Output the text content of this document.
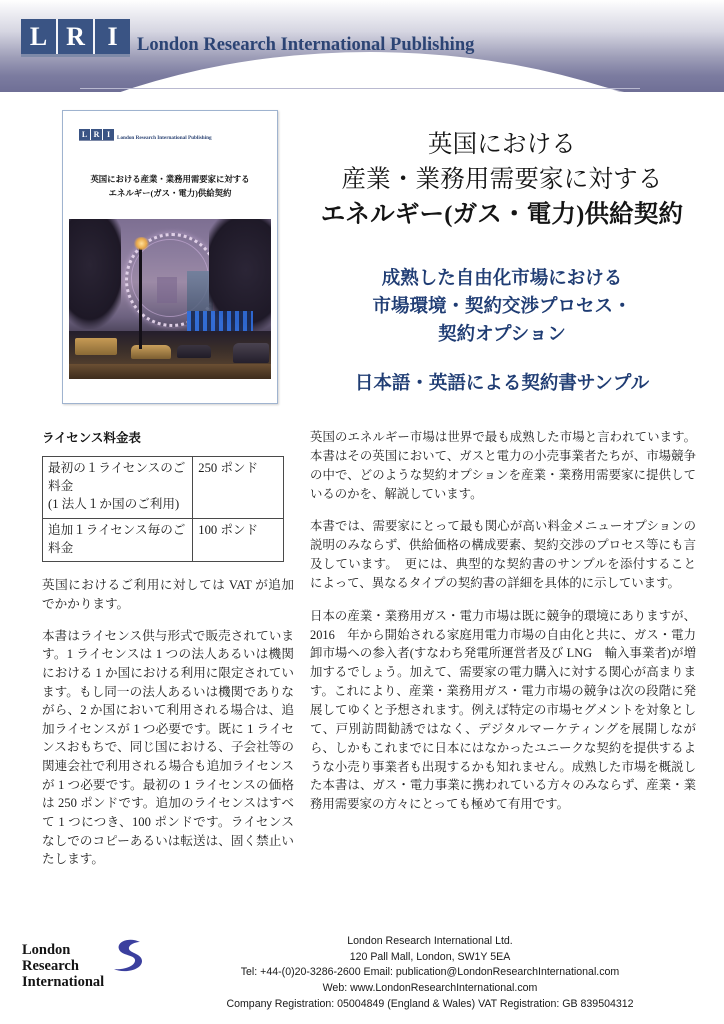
L R I	London Research International Publishing
L R I	London Research International Publishing
英国における産業・業務用需要家に対する
エネルギー(ガス・電力)供給契約
英国における
産業・業務用需要家に対する
エネルギー(ガス・電力)供給契約
成熟した自由化市場における
市場環境・契約交渉プロセス・
契約オプション
日本語・英語による契約書サンプル
ライセンス料金表
最初の１ライセンスのご料金
(1 法人１か国のご利用)	250 ポンド
追加１ライセンス毎のご料金	100 ポンド

英国におけるご利用に対しては VAT が追加でかかります。

本書はライセンス供与形式で販売されています。1 ライセンスは 1 つの法人あるいは機関における 1 か国における利用に限定されています。もし同一の法人あるいは機関でありながら、2 か国において利用される場合は、追加ライセンスが 1 つ必要です。既に 1 ライセンスおもちで、同じ国における、子会社等の関連会社で利用される場合も追加ライセンスが 1 つ必要です。最初の 1 ライセンスの価格は 250 ポンドです。追加のライセンスはすべて 1 つにつき、100 ポンドです。ライセンスなしでのコピーあるいは転送は、固く禁止いたします。

英国のエネルギー市場は世界で最も成熟した市場と言われています。本書はその英国において、ガスと電力の小売事業者たちが、市場競争の中で、どのような契約オプションを産業・業務用需要家に提供しているのかを、解説しています。

本書では、需要家にとって最も関心が高い料金メニューオプションの説明のみならず、供給価格の構成要素、契約交渉のプロセス等にも言及しています。　更には、典型的な契約書のサンプルを添付することによって、異なるタイプの契約書の詳細を具体的に示しています。

日本の産業・業務用ガス・電力市場は既に競争的環境にありますが、2016　年から開始される家庭用電力市場の自由化と共に、ガス・電力卸市場への参入者(すなわち発電所運営者及び LNG　輸入事業者)が増加するでしょう。加えて、需要家の電力購入に対する関心が高まります。これにより、産業・業務用ガス・電力市場の競争は次の段階に発展してゆくと予想されます。例えば特定の市場セグメントを対象として、戸別訪問勧誘ではなく、デジタルマーケティングを展開しながら、しかもこれまでに日本にはなかったユニークな契約を提供するような小売り事業者も出現するかも知れません。成熟した市場を概説した本書は、ガス・電力事業に携われている方々のみならず、産業・業務用需要家の方々にとっても極めて有用です。

London
Research
International
London Research International Ltd.
120 Pall Mall, London, SW1Y 5EA
Tel: +44-(0)20-3286-2600 Email: publication@LondonResearchInternational.com
Web: www.LondonResearchInternational.com
Company Registration: 05004849 (England & Wales) VAT Registration: GB 839504312
